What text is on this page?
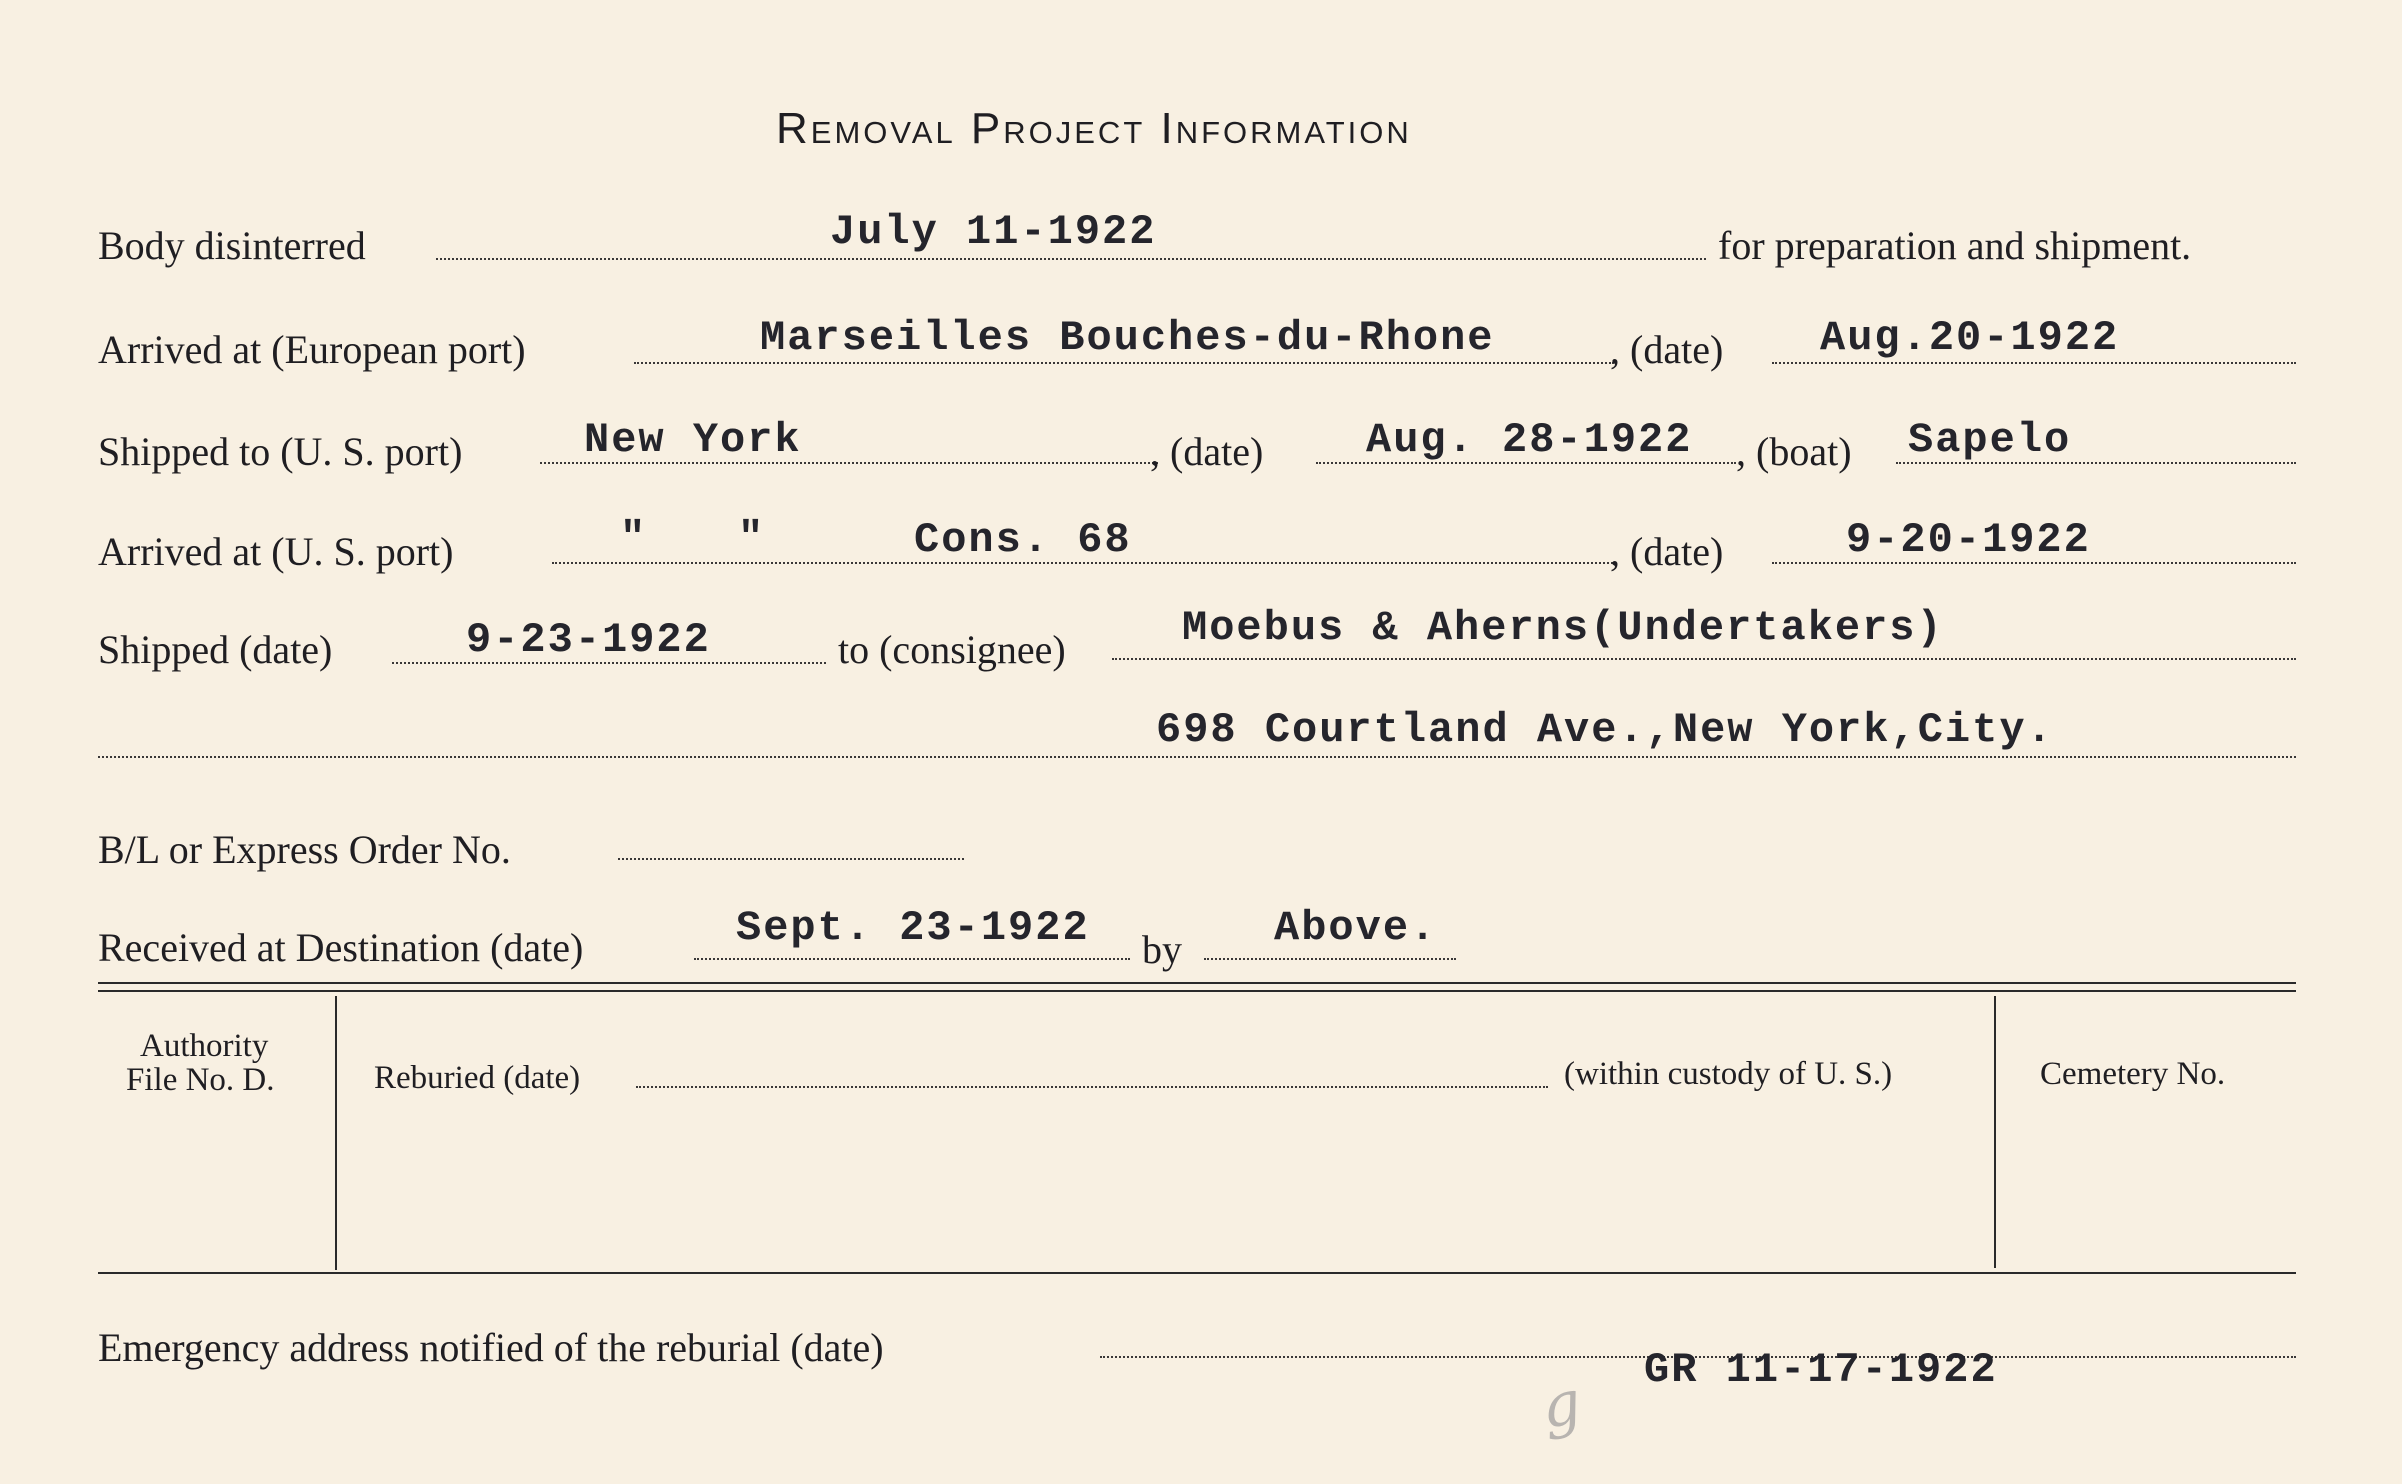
Removal Project Information
Body disinterred	July 11-1922	for preparation and shipment.
Arrived at (European port)	Marseilles Bouches-du-Rhone	, (date) Aug.20-1922
Shipped to (U. S. port)	New York	, (date) Aug. 28-1922 , (boat) Sapelo
Arrived at (U. S. port)	" "	Cons. 68	, (date)	9-20-1922
Shipped (date)	9-23-1922	to (consignee)	Moebus & Aherns(Undertakers)
698 Courtland Ave.,New York,City.
B/L or Express Order No.
Received at Destination (date)	Sept. 23-1922 by Above.
Authority
File No. D.	Reburied (date)	(within custody of U. S.)	Cemetery No.
Emergency address notified of the reburial (date)	GR 11-17-1922
g
